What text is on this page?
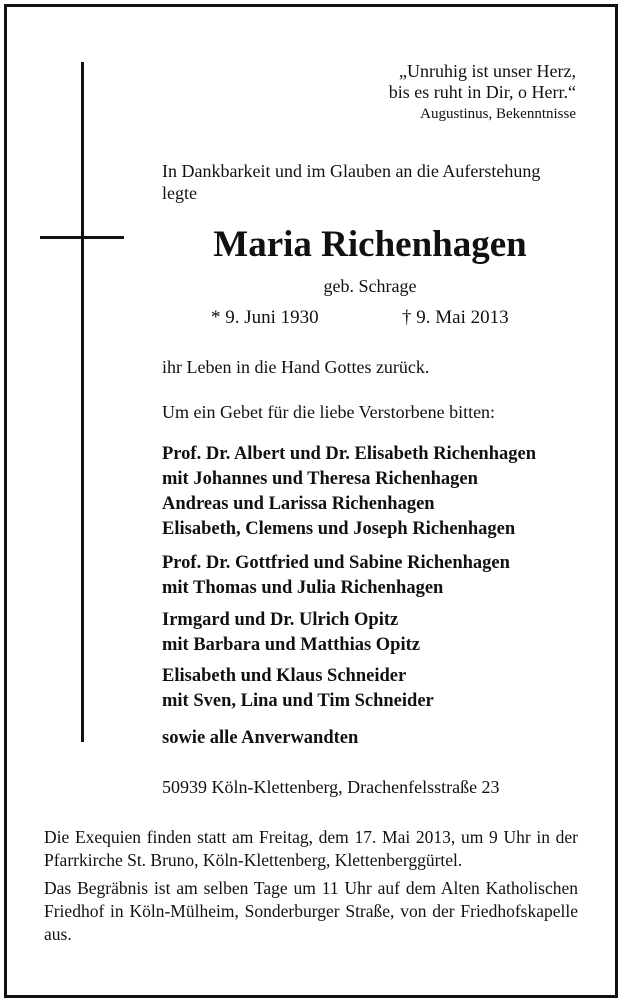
„Unruhig ist unser Herz,
bis es ruht in Dir, o Herr.“
Augustinus, Bekenntnisse
In Dankbarkeit und im Glauben an die Auferstehung
legte
Maria Richenhagen
geb. Schrage
* 9. Juni 1930	† 9. Mai 2013
ihr Leben in die Hand Gottes zurück.
Um ein Gebet für die liebe Verstorbene bitten:
Prof. Dr. Albert und Dr. Elisabeth Richenhagen
mit Johannes und Theresa Richenhagen
Andreas und Larissa Richenhagen
Elisabeth, Clemens und Joseph Richenhagen
Prof. Dr. Gottfried und Sabine Richenhagen
mit Thomas und Julia Richenhagen
Irmgard und Dr. Ulrich Opitz
mit Barbara und Matthias Opitz
Elisabeth und Klaus Schneider
mit Sven, Lina und Tim Schneider
sowie alle Anverwandten
50939 Köln-Klettenberg, Drachenfelsstraße 23
Die Exequien finden statt am Freitag, dem 17. Mai 2013, um 9 Uhr in der Pfarrkirche St. Bruno, Köln-Klettenberg, Klettenberggürtel.
Das Begräbnis ist am selben Tage um 11 Uhr auf dem Alten Katholischen Friedhof in Köln-Mülheim, Sonderburger Straße, von der Friedhofskapelle aus.
